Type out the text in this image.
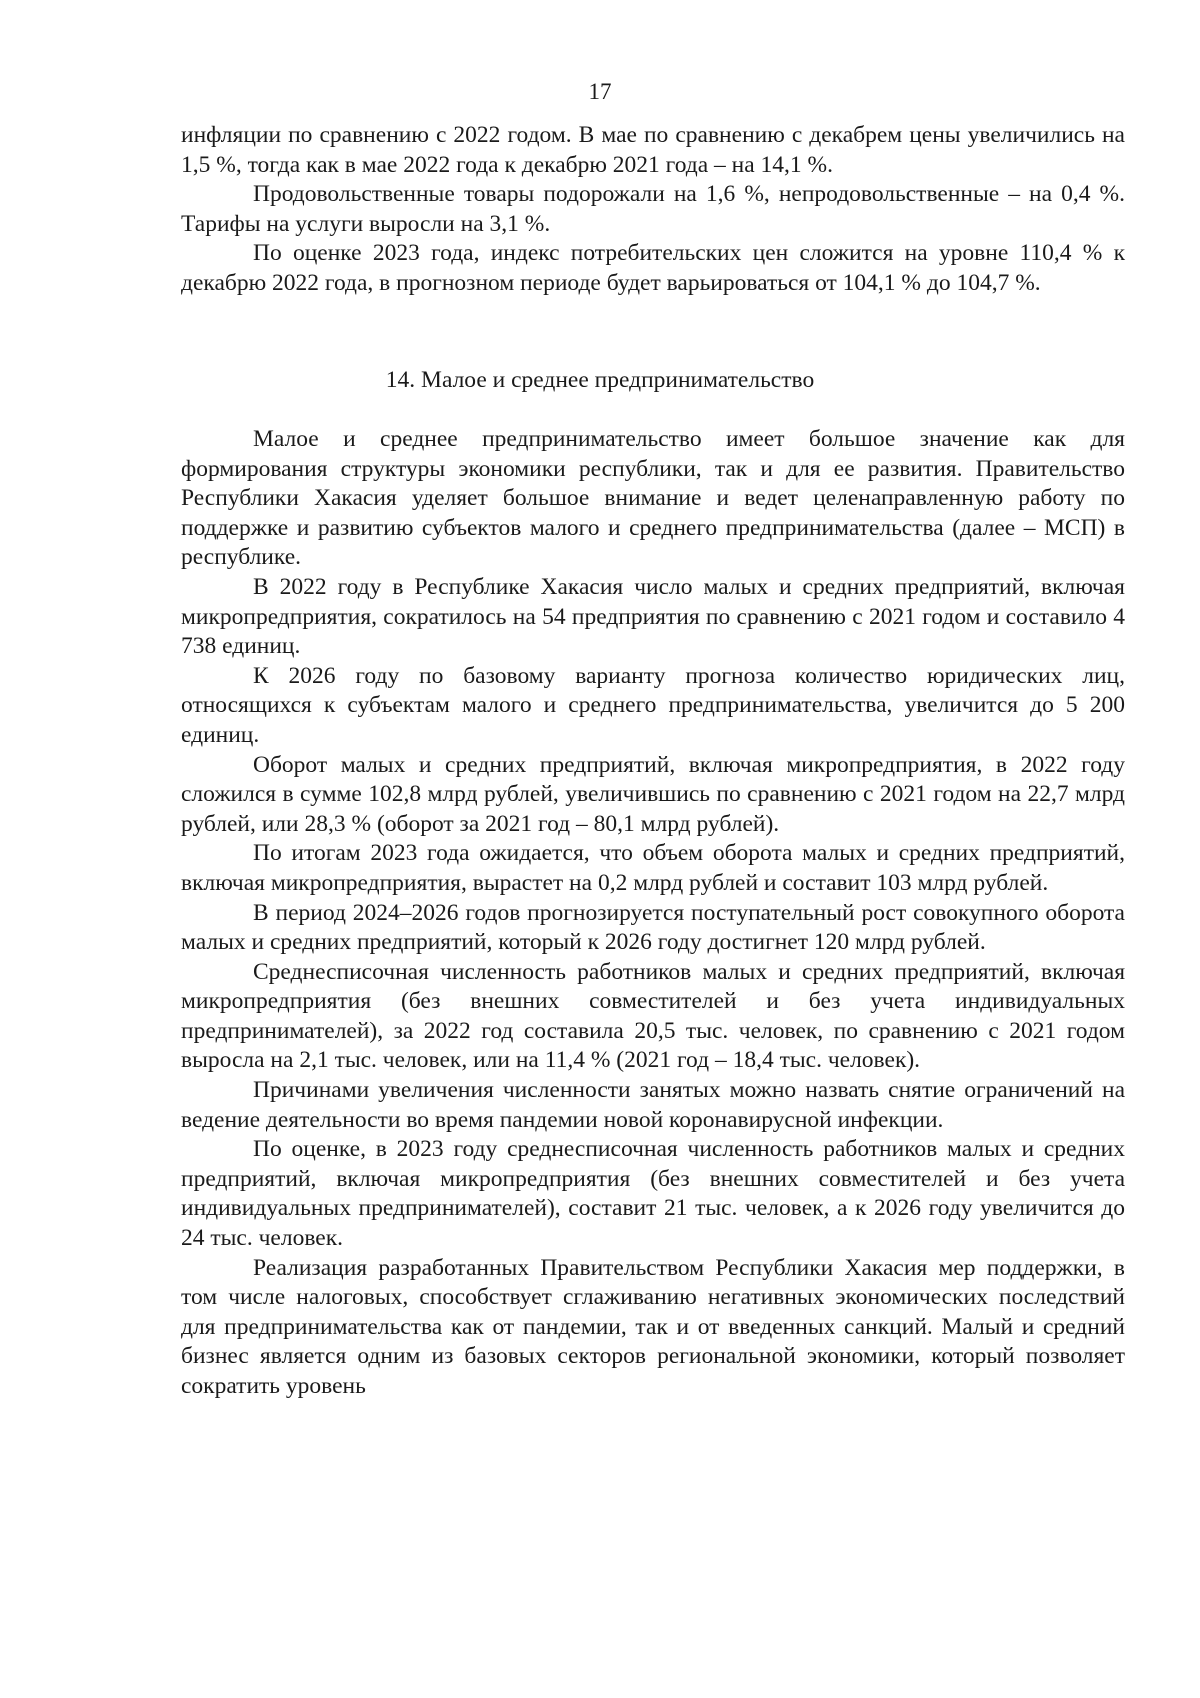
17

инфляции по сравнению с 2022 годом. В мае по сравнению с декабрем цены увеличились на 1,5 %, тогда как в мае 2022 года к декабрю 2021 года – на 14,1 %.

Продовольственные товары подорожали на 1,6 %, непродовольственные – на 0,4 %. Тарифы на услуги выросли на 3,1 %.

По оценке 2023 года, индекс потребительских цен сложится на уровне 110,4 % к декабрю 2022 года, в прогнозном периоде будет варьироваться от 104,1 % до 104,7 %.

14. Малое и среднее предпринимательство

Малое и среднее предпринимательство имеет большое значение как для формирования структуры экономики республики, так и для ее развития. Правительство Республики Хакасия уделяет большое внимание и ведет целенаправленную работу по поддержке и развитию субъектов малого и среднего предпринимательства (далее – МСП) в республике.

В 2022 году в Республике Хакасия число малых и средних предприятий, включая микропредприятия, сократилось на 54 предприятия по сравнению с 2021 годом и составило 4 738 единиц.

К 2026 году по базовому варианту прогноза количество юридических лиц, относящихся к субъектам малого и среднего предпринимательства, увеличится до 5 200 единиц.

Оборот малых и средних предприятий, включая микропредприятия, в 2022 году сложился в сумме 102,8 млрд рублей, увеличившись по сравнению с 2021 годом на 22,7 млрд рублей, или 28,3 % (оборот за 2021 год – 80,1 млрд рублей).

По итогам 2023 года ожидается, что объем оборота малых и средних предприятий, включая микропредприятия, вырастет на 0,2 млрд рублей и составит 103 млрд рублей.

В период 2024–2026 годов прогнозируется поступательный рост совокупного оборота малых и средних предприятий, который к 2026 году достигнет 120 млрд рублей.

Среднесписочная численность работников малых и средних предприятий, включая микропредприятия (без внешних совместителей и без учета индивидуальных предпринимателей), за 2022 год составила 20,5 тыс. человек, по сравнению с 2021 годом выросла на 2,1 тыс. человек, или на 11,4 % (2021 год – 18,4 тыс. человек).

Причинами увеличения численности занятых можно назвать снятие ограничений на ведение деятельности во время пандемии новой коронавирусной инфекции.

По оценке, в 2023 году среднесписочная численность работников малых и средних предприятий, включая микропредприятия (без внешних совместителей и без учета индивидуальных предпринимателей), составит 21 тыс. человек, а к 2026 году увеличится до 24 тыс. человек.

Реализация разработанных Правительством Республики Хакасия мер поддержки, в том числе налоговых, способствует сглаживанию негативных экономических последствий для предпринимательства как от пандемии, так и от введенных санкций. Малый и средний бизнес является одним из базовых секторов региональной экономики, который позволяет сократить уровень
